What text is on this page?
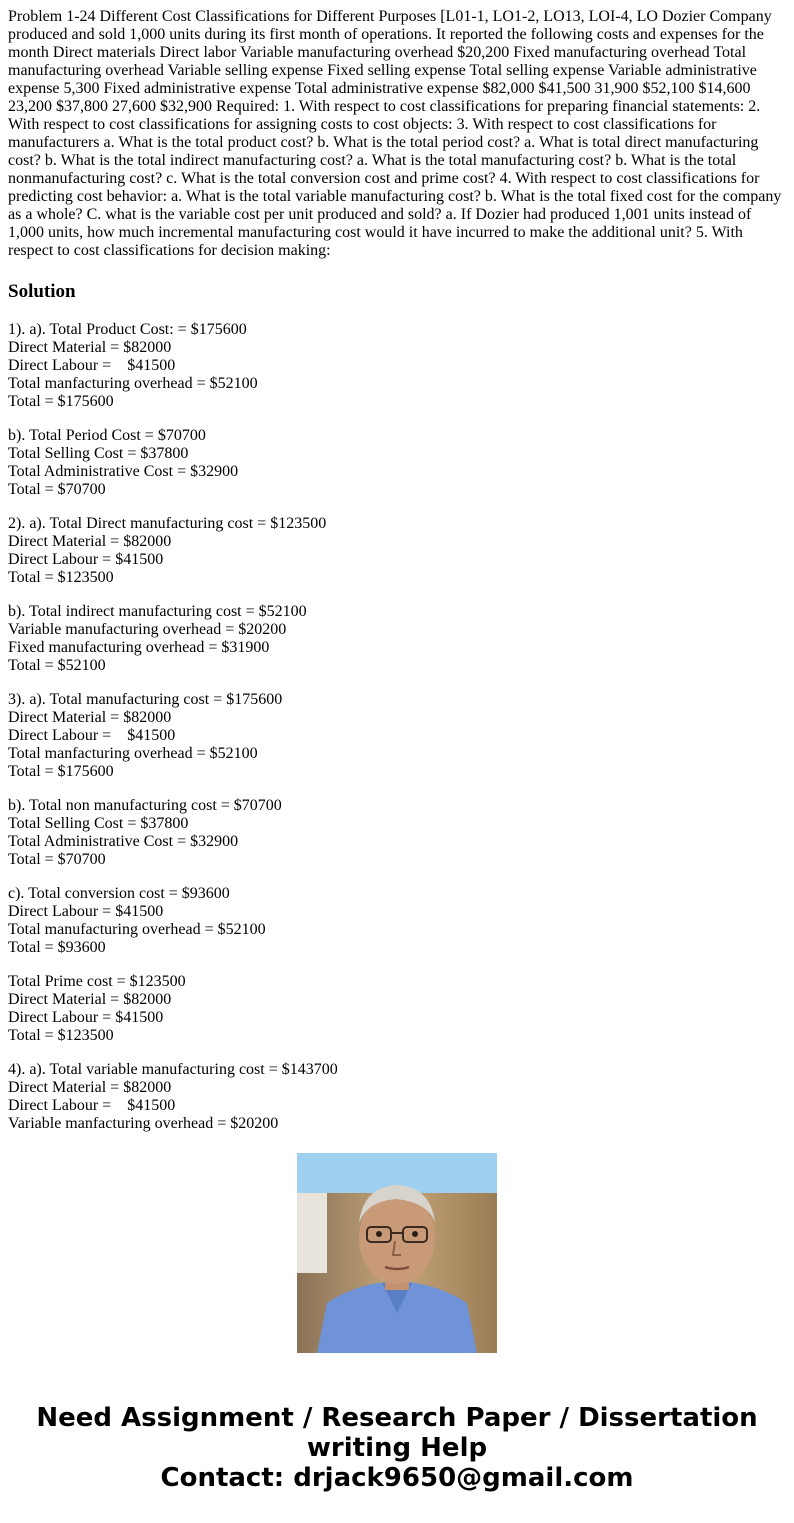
Problem 1-24 Different Cost Classifications for Different Purposes [L01-1, LO1-2, LO13, LOI-4, LO Dozier Company produced and sold 1,000 units during its first month of operations. It reported the following costs and expenses for the month Direct materials Direct labor Variable manufacturing overhead $20,200 Fixed manufacturing overhead Total manufacturing overhead Variable selling expense Fixed selling expense Total selling expense Variable administrative expense 5,300 Fixed administrative expense Total administrative expense $82,000 $41,500 31,900 $52,100 $14,600 23,200 $37,800 27,600 $32,900 Required: 1. With respect to cost classifications for preparing financial statements: 2. With respect to cost classifications for assigning costs to cost objects: 3. With respect to cost classifications for manufacturers a. What is the total product cost? b. What is the total period cost? a. What is total direct manufacturing cost? b. What is the total indirect manufacturing cost? a. What is the total manufacturing cost? b. What is the total nonmanufacturing cost? c. What is the total conversion cost and prime cost? 4. With respect to cost classifications for predicting cost behavior: a. What is the total variable manufacturing cost? b. What is the total fixed cost for the company as a whole? C. what is the variable cost per unit produced and sold? a. If Dozier had produced 1,001 units instead of 1,000 units, how much incremental manufacturing cost would it have incurred to make the additional unit? 5. With respect to cost classifications for decision making:

Solution
1). a). Total Product Cost: = $175600
Direct Material = $82000
Direct Labour =    $41500
Total manfacturing overhead = $52100
Total = $175600
b). Total Period Cost = $70700
Total Selling Cost = $37800
Total Administrative Cost = $32900
Total = $70700
2). a). Total Direct manufacturing cost = $123500
Direct Material = $82000
Direct Labour = $41500
Total = $123500
b). Total indirect manufacturing cost = $52100
Variable manufacturing overhead = $20200
Fixed manufacturing overhead = $31900
Total = $52100
3). a). Total manufacturing cost = $175600
Direct Material = $82000
Direct Labour =    $41500
Total manfacturing overhead = $52100
Total = $175600
b). Total non manufacturing cost = $70700
Total Selling Cost = $37800
Total Administrative Cost = $32900
Total = $70700
c). Total conversion cost = $93600
Direct Labour = $41500
Total manufacturing overhead = $52100
Total = $93600
Total Prime cost = $123500
Direct Material = $82000
Direct Labour = $41500
Total = $123500
4). a). Total variable manufacturing cost = $143700
Direct Material = $82000
Direct Labour =    $41500
Variable manfacturing overhead = $20200
Need Assignment / Research Paper / Dissertation
writing Help
Contact: drjack9650@gmail.com
